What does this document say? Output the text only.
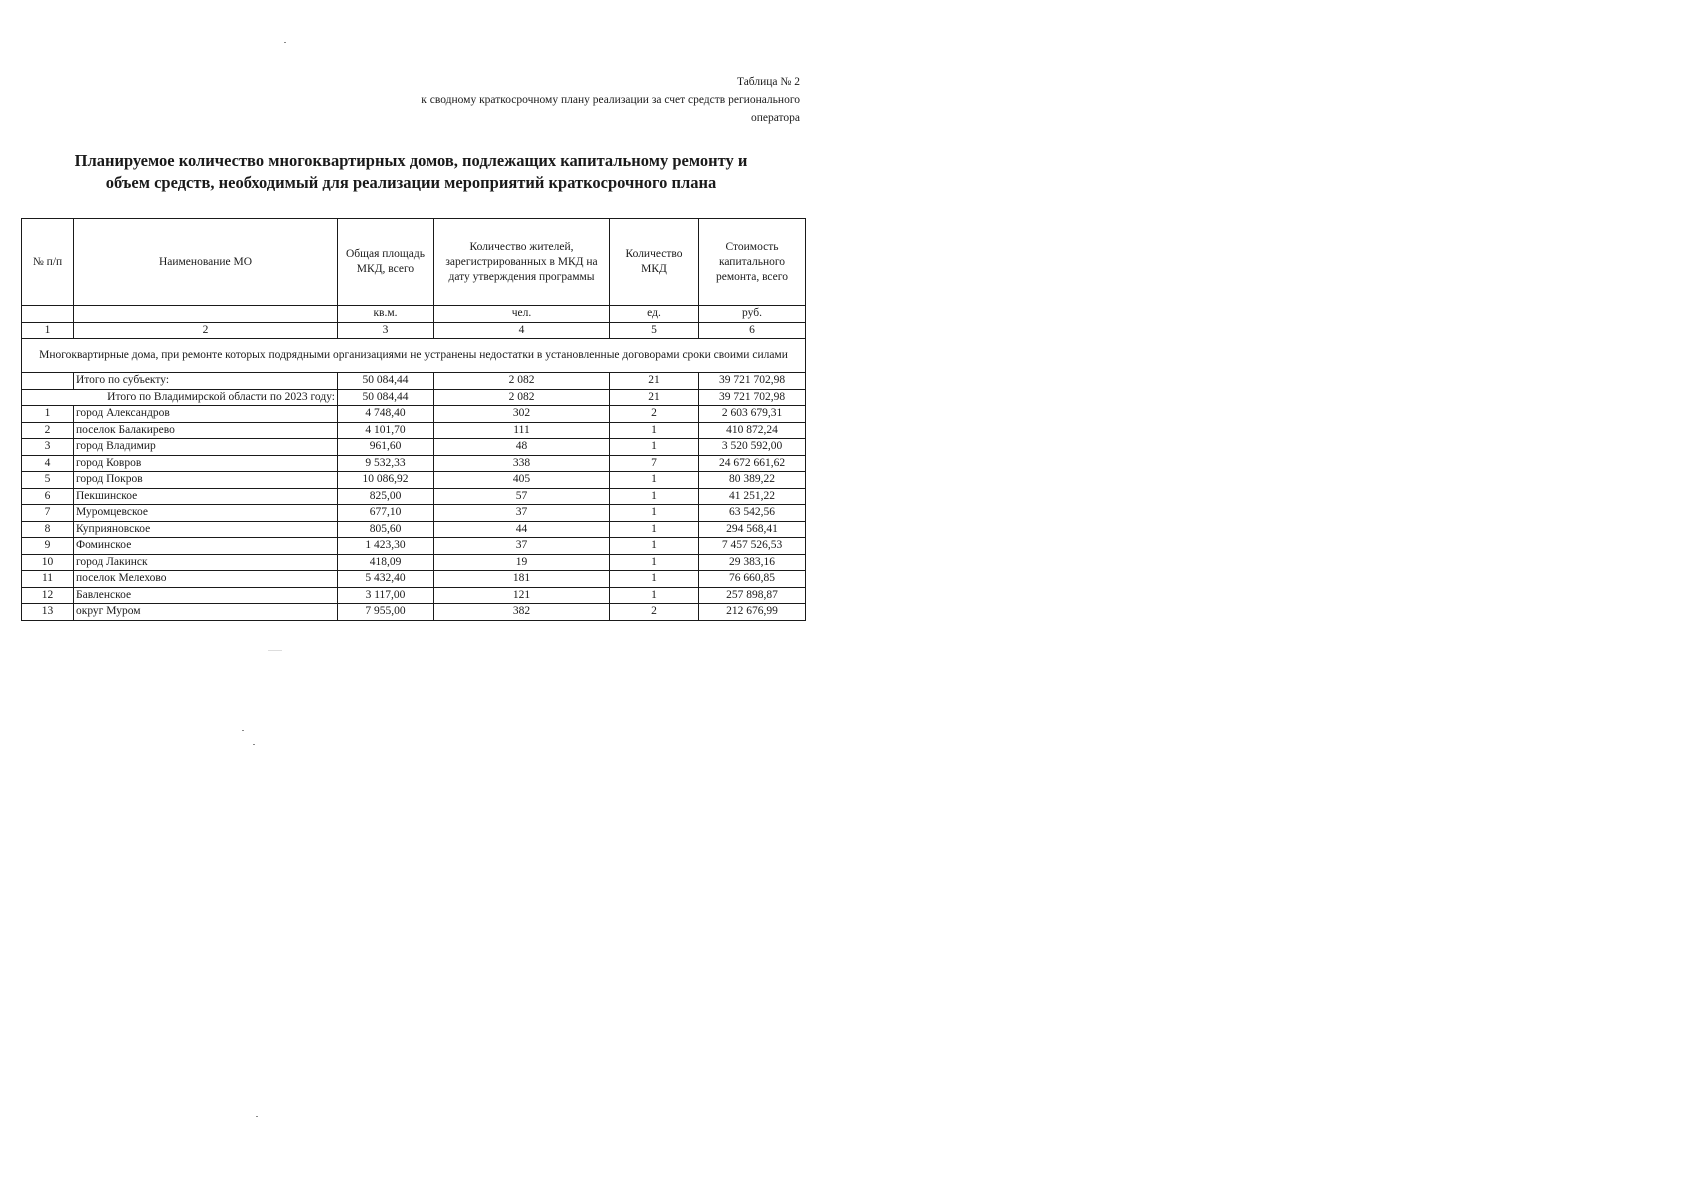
Таблица № 2
к сводному краткосрочному плану реализации за счет средств регионального
оператора
Планируемое количество многоквартирных домов, подлежащих капитальному ремонту и
объем средств, необходимый для реализации мероприятий краткосрочного плана
№ п/п	Наименование МО	Общая площадь МКД, всего	Количество жителей, зарегистрированных в МКД на дату утверждения программы	Количество МКД	Стоимость капитального ремонта, всего
		кв.м.	чел.	ед.	руб.
1	2	3	4	5	6
Многоквартирные дома, при ремонте которых подрядными организациями не устранены недостатки в установленные договорами сроки своими силами					
	Итого по субъекту:	50 084,44	2 082	21	39 721 702,98
Итого по Владимирской области по 2023 году:		50 084,44	2 082	21	39 721 702,98
1	город Александров	4 748,40	302	2	2 603 679,31
2	поселок Балакирево	4 101,70	111	1	410 872,24
3	город Владимир	961,60	48	1	3 520 592,00
4	город Ковров	9 532,33	338	7	24 672 661,62
5	город Покров	10 086,92	405	1	80 389,22
6	Пекшинское	825,00	57	1	41 251,22
7	Муромцевское	677,10	37	1	63 542,56
8	Куприяновское	805,60	44	1	294 568,41
9	Фоминское	1 423,30	37	1	7 457 526,53
10	город Лакинск	418,09	19	1	29 383,16
11	поселок Мелехово	5 432,40	181	1	76 660,85
12	Бавленское	3 117,00	121	1	257 898,87
13	округ Муром	7 955,00	382	2	212 676,99
